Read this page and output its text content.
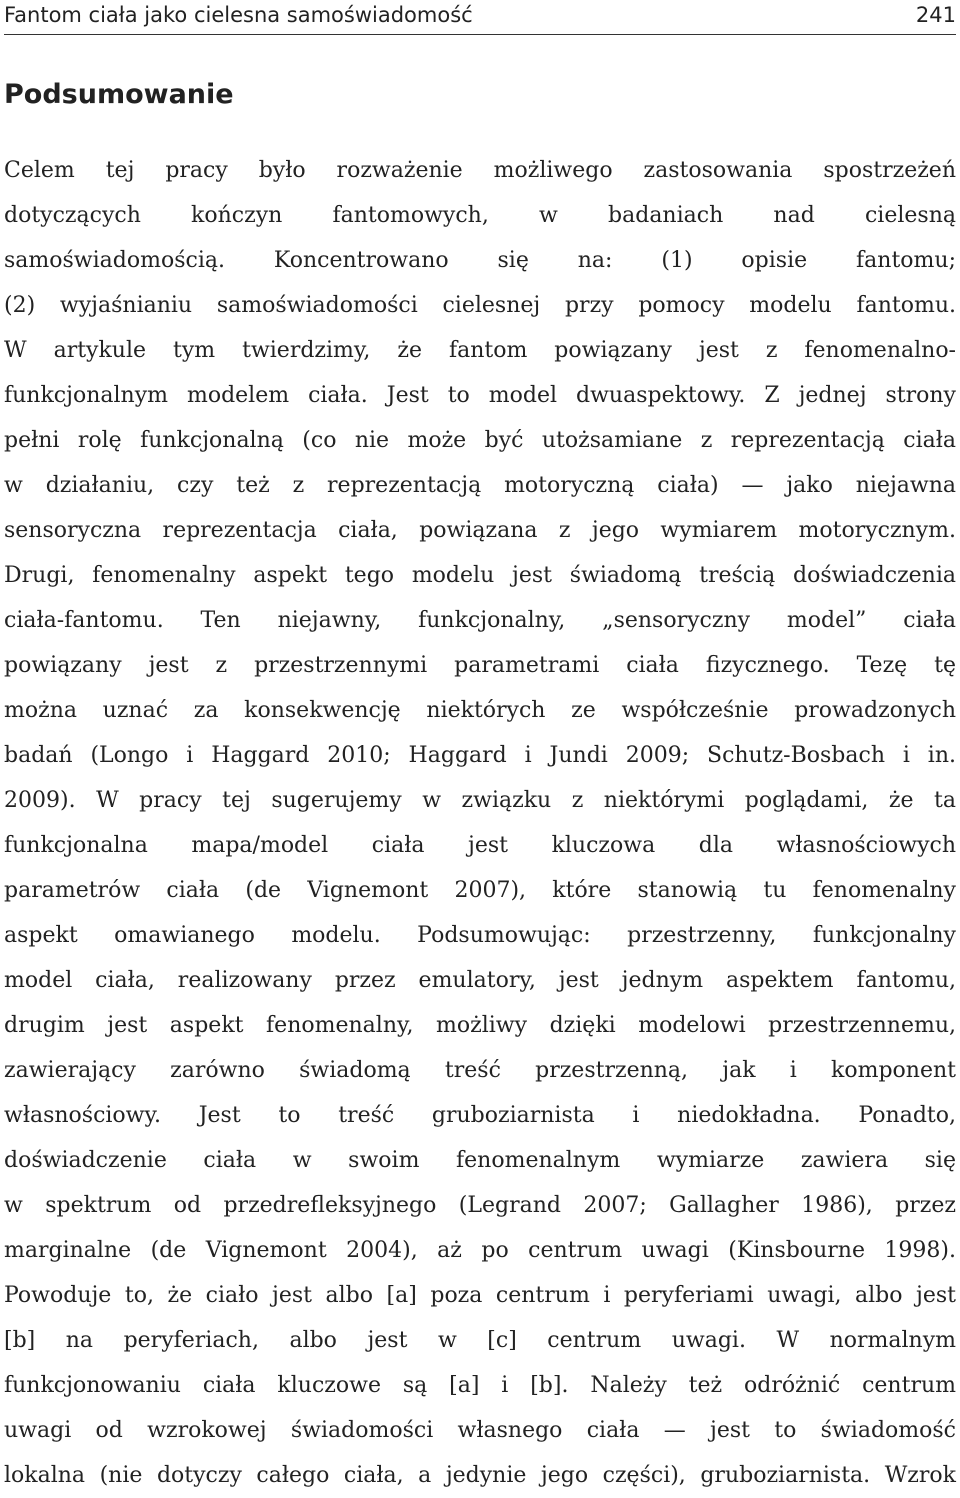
Fantom ciała jako cielesna samoświadomość	241
Podsumowanie

Celem tej pracy było rozważenie możliwego zastosowania spostrzeżeń
dotyczących kończyn fantomowych, w badaniach nad cielesną
samoświadomością. Koncentrowano się na: (1) opisie fantomu;
(2) wyjaśnianiu samoświadomości cielesnej przy pomocy modelu fantomu.
W artykule tym twierdzimy, że fantom powiązany jest z fenomenalno-
funkcjonalnym modelem ciała. Jest to model dwuaspektowy. Z jednej strony
pełni rolę funkcjonalną (co nie może być utożsamiane z reprezentacją ciała
w działaniu, czy też z reprezentacją motoryczną ciała) — jako niejawna
sensoryczna reprezentacja ciała, powiązana z jego wymiarem motorycznym.
Drugi, fenomenalny aspekt tego modelu jest świadomą treścią doświadczenia
ciała-fantomu. Ten niejawny, funkcjonalny, „sensoryczny model” ciała
powiązany jest z przestrzennymi parametrami ciała fizycznego. Tezę tę
można uznać za konsekwencję niektórych ze współcześnie prowadzonych
badań (Longo i Haggard 2010; Haggard i Jundi 2009; Schutz-Bosbach i in.
2009). W pracy tej sugerujemy w związku z niektórymi poglądami, że ta
funkcjonalna mapa/model ciała jest kluczowa dla własnościowych
parametrów ciała (de Vignemont 2007), które stanowią tu fenomenalny
aspekt omawianego modelu. Podsumowując: przestrzenny, funkcjonalny
model ciała, realizowany przez emulatory, jest jednym aspektem fantomu,
drugim jest aspekt fenomenalny, możliwy dzięki modelowi przestrzennemu,
zawierający zarówno świadomą treść przestrzenną, jak i komponent
własnościowy. Jest to treść gruboziarnista i niedokładna. Ponadto,
doświadczenie ciała w swoim fenomenalnym wymiarze zawiera się
w spektrum od przedrefleksyjnego (Legrand 2007; Gallagher 1986), przez
marginalne (de Vignemont 2004), aż po centrum uwagi (Kinsbourne 1998).
Powoduje to, że ciało jest albo [a] poza centrum i peryferiami uwagi, albo jest
[b] na peryferiach, albo jest w [c] centrum uwagi. W normalnym
funkcjonowaniu ciała kluczowe są [a] i [b]. Należy też odróżnić centrum
uwagi od wzrokowej świadomości własnego ciała — jest to świadomość
lokalna (nie dotyczy całego ciała, a jedynie jego części), gruboziarnista. Wzrok
